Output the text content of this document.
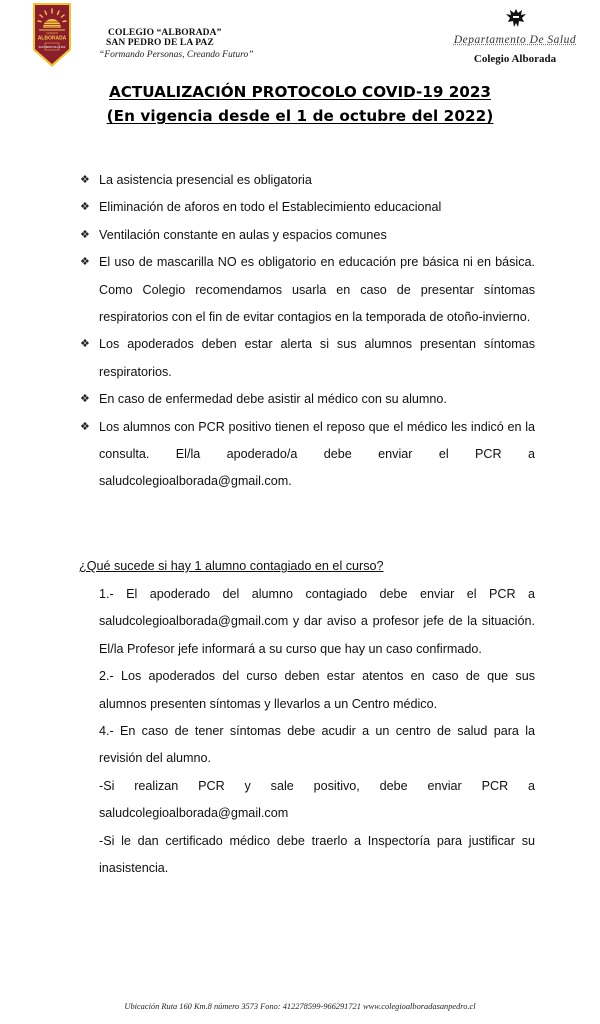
COLEGIO
ALBORADA
SAN PEDRO DE LA PAZ
COLEGIO “ALBORADA”
SAN PEDRO DE LA PAZ
“Formando Personas, Creando Futuro”
Departamento De Salud
Colegio Alborada
ACTUALIZACIÓN PROTOCOLO COVID-19 2023
(En vigencia desde el 1 de octubre del 2022)
❖ La asistencia presencial es obligatoria
❖ Eliminación de aforos en todo el Establecimiento educacional
❖ Ventilación constante en aulas y espacios comunes
❖ El uso de mascarilla NO es obligatorio en educación pre básica ni en básica. Como Colegio recomendamos usarla en caso de presentar síntomas respiratorios con el fin de evitar contagios en la temporada de otoño-invierno.
❖ Los apoderados deben estar alerta si sus alumnos presentan síntomas respiratorios.
❖ En caso de enfermedad debe asistir al médico con su alumno.
❖ Los alumnos con PCR positivo tienen el reposo que el médico les indicó en la consulta. El/la apoderado/a debe enviar el PCR a saludcolegioalborada@gmail.com.
¿Qué sucede si hay 1 alumno contagiado en el curso?
1.- El apoderado del alumno contagiado debe enviar el PCR a saludcolegioalborada@gmail.com y dar aviso a profesor jefe de la situación. El/la Profesor jefe informará a su curso que hay un caso confirmado.
2.- Los apoderados del curso deben estar atentos en caso de que sus alumnos presenten síntomas y llevarlos a un Centro médico.
4.- En caso de tener síntomas debe acudir a un centro de salud para la revisión del alumno.
-Si realizan PCR y sale positivo, debe enviar PCR a saludcolegioalborada@gmail.com
-Si le dan certificado médico debe traerlo a Inspectoría para justificar su inasistencia.
Ubicación Ruta 160 Km.8 número 3573 Fono: 412278599-966291721 www.colegioalboradasanpedro.cl
